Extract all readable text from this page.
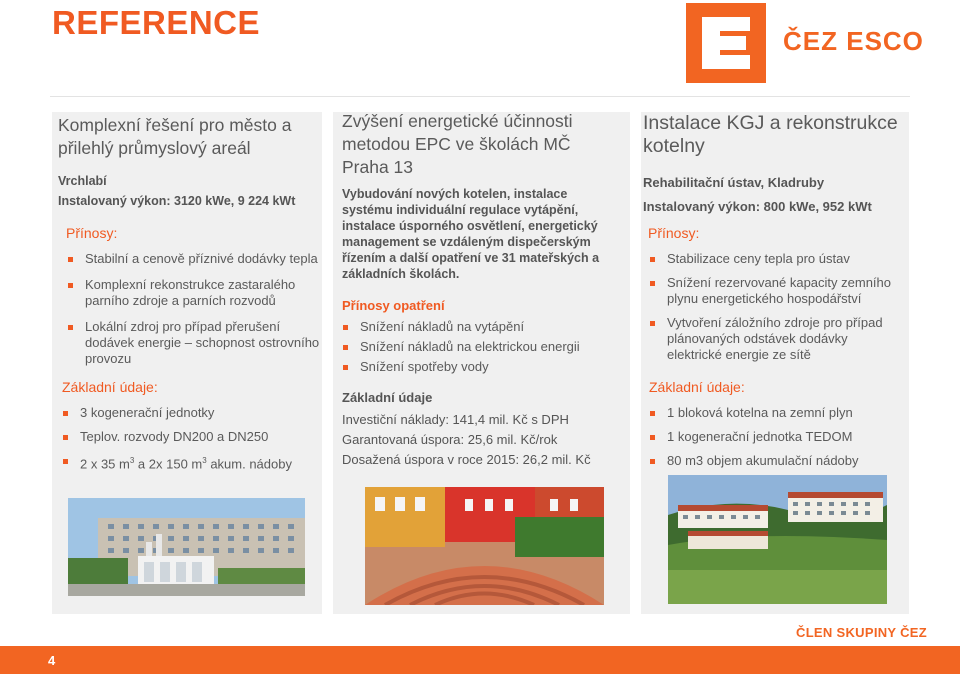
REFERENCE	ČEZ ESCO
Komplexní řešení pro město a
přilehlý průmyslový areál
Vrchlabí
Instalovaný výkon: 3120 kWe, 9 224 kWt
Přínosy:
Stabilní a cenově příznivé dodávky tepla
Komplexní rekonstrukce zastaralého parního zdroje a parních rozvodů
Lokální zdroj pro případ přerušení dodávek energie – schopnost ostrovního provozu
Základní údaje:
3 kogenerační jednotky
Teplov. rozvody DN200 a DN250
2 x 35 $m^3$ a 2x 150 $m^3$ akum. nádoby
Zvýšení energetické účinnosti
metodou EPC ve školách MČ
Praha 13
Vybudování nových kotelen, instalace
systému individuální regulace vytápění,
instalace úsporného osvětlení, energetický
management se vzdáleným dispečerským
řízením a další opatření ve 31 mateřských a
základních školách.
Přínosy opatření
Snížení nákladů na vytápění
Snížení nákladů na elektrickou energii
Snížení spotřeby vody
Základní údaje
Investiční náklady: 141,4 mil. Kč s DPH
Garantovaná úspora: 25,6 mil. Kč/rok
Dosažená úspora v roce 2015: 26,2 mil. Kč
Instalace KGJ a rekonstrukce
kotelny
Rehabilitační ústav, Kladruby
Instalovaný výkon: 800 kWe, 952 kWt
Přínosy:
Stabilizace ceny tepla pro ústav
Snížení rezervované kapacity zemního plynu energetického hospodářství
Vytvoření záložního zdroje pro případ plánovaných odstávek dodávky elektrické energie ze sítě
Základní údaje:
1 bloková kotelna na zemní plyn
1 kogenerační jednotka TEDOM
80 m3 objem akumulační nádoby
ČLEN SKUPINY ČEZ
4
